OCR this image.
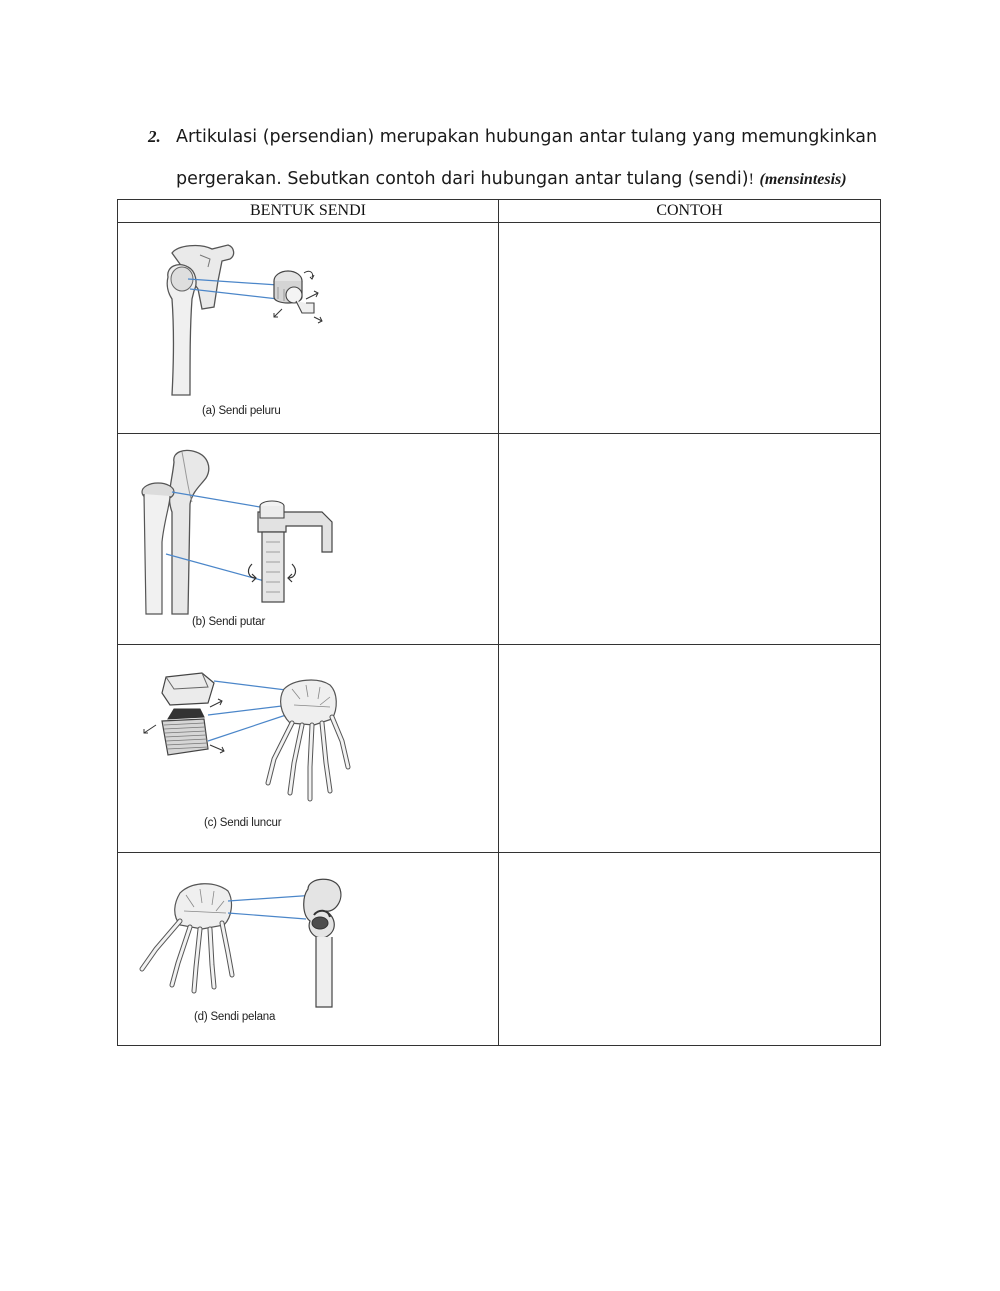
2. Artikulasi (persendian) merupakan hubungan antar tulang yang memungkinkan
pergerakan. Sebutkan contoh dari hubungan antar tulang (sendi)! (mensintesis)
BENTUK SENDI	CONTOH

(a) Sendi peluru	

(b) Sendi putar	

(c) Sendi luncur	

(d) Sendi pelana	
